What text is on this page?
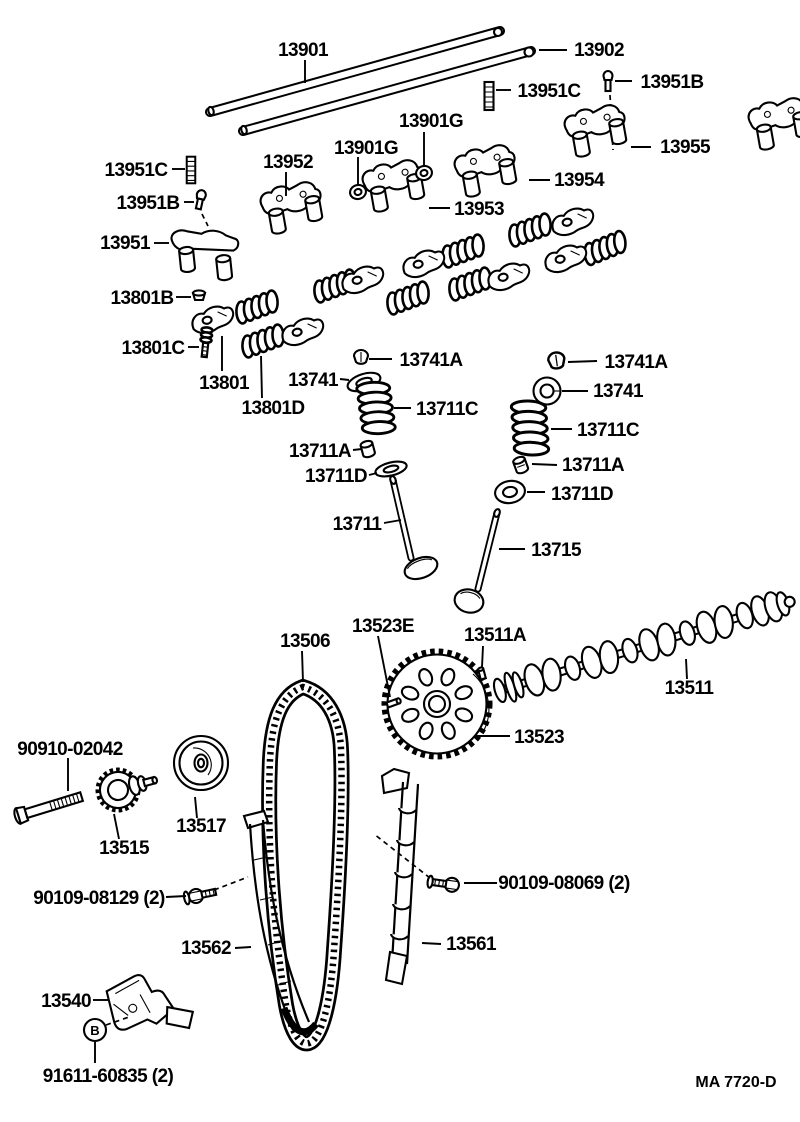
B
13901	13902
13951C	13951B
13901G
13901G
13952
13955
13954
13953
13951C
13951B
13951
13801B
13801C
13801
13801D
13741
13741A	13741A
13741
13711C
13711C
13711A
13711D
13711A
13711D
13711
13715
13506
13523E	13511A
13511
13523
90910-02042
13515
13517
90109-08129 (2)
90109-08069 (2)
13561
13562
13540
91611-60835 (2)	MA 7720-D
